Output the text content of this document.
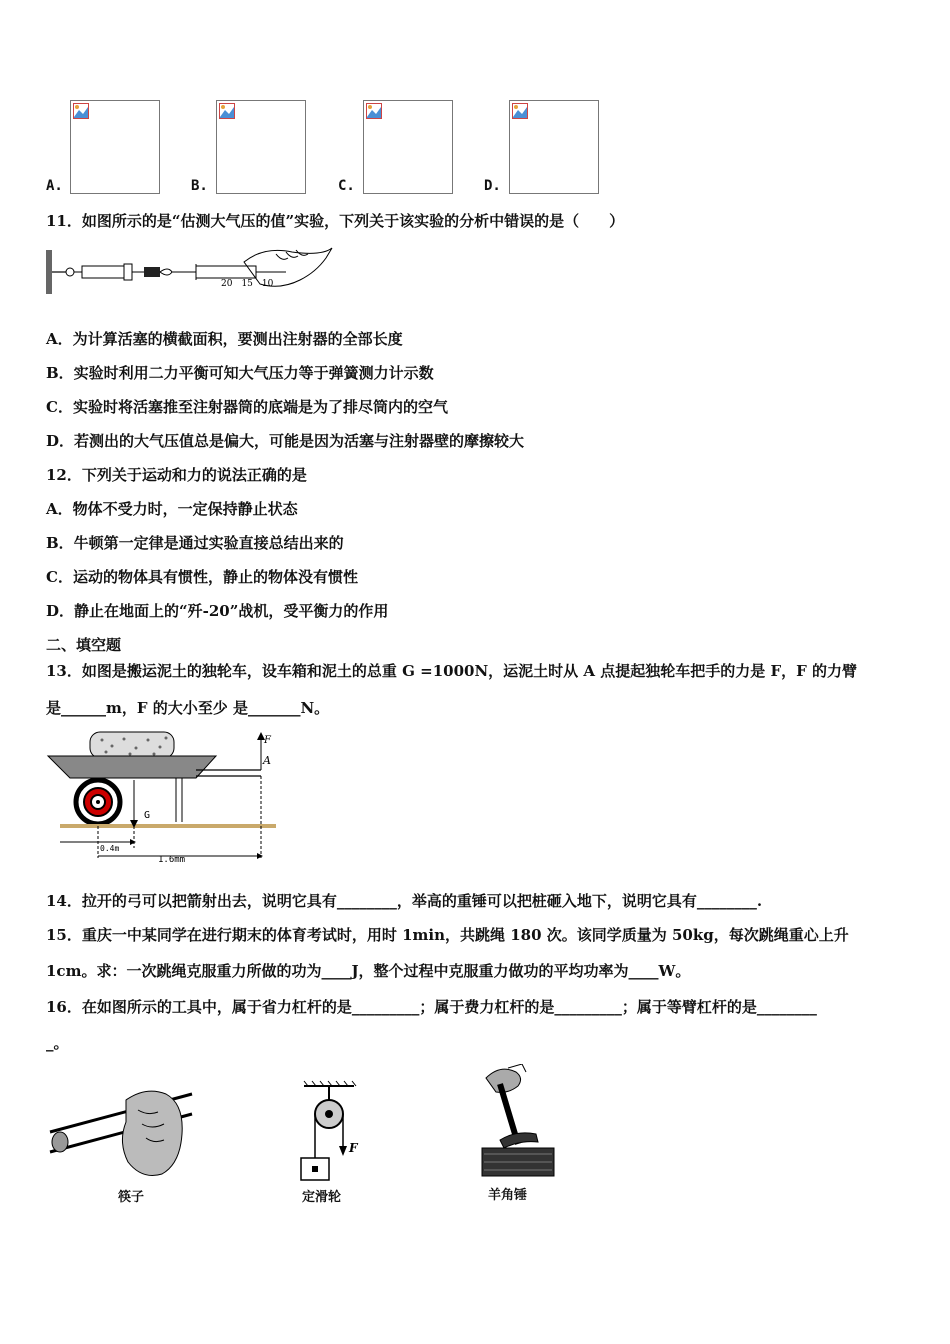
A.	B.	C.	D.
11．如图所示的是“估测大气压的值”实验，下列关于该实验的分析中错误的是（　　）
20　15　10
A．为计算活塞的横截面积，要测出注射器的全部长度
B．实验时利用二力平衡可知大气压力等于弹簧测力计示数
C．实验时将活塞推至注射器筒的底端是为了排尽筒内的空气
D．若测出的大气压值总是偏大，可能是因为活塞与注射器壁的摩擦较大
12．下列关于运动和力的说法正确的是
A．物体不受力时，一定保持静止状态
B．牛顿第一定律是通过实验直接总结出来的
C．运动的物体具有惯性，静止的物体没有惯性
D．静止在地面上的“歼-20”战机，受平衡力的作用
二、填空题
13．如图是搬运泥土的独轮车，设车箱和泥土的总重 G =1000N，运泥土时从 A 点提起独轮车把手的力是 F，F 的力臂
是______m，F 的大小至少 是_______N。
G
F
A
0.4m
1.6mm
14．拉开的弓可以把箭射出去，说明它具有________，举高的重锤可以把桩砸入地下，说明它具有________.
15．重庆一中某同学在进行期末的体育考试时，用时 1min，共跳绳 180 次。该同学质量为 50kg，每次跳绳重心上升
1cm。求：一次跳绳克服重力所做的功为____J，整个过程中克服重力做功的平均功率为____W。
16．在如图所示的工具中，属于省力杠杆的是_________；属于费力杠杆的是_________；属于等臂杠杆的是________
_。
筷子
F
定滑轮	羊角锤
